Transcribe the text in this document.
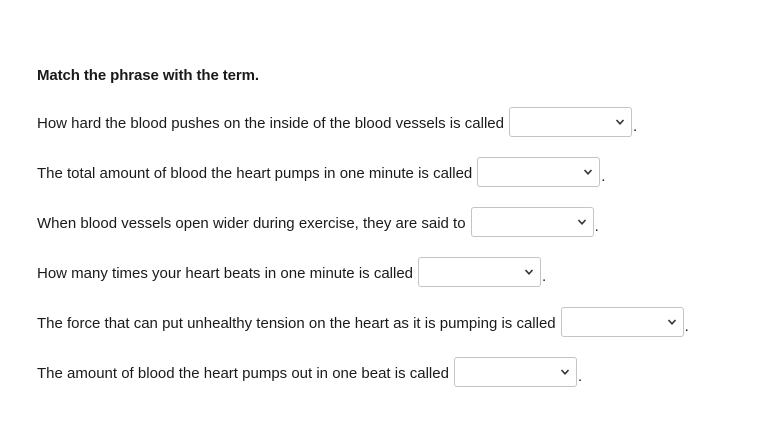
Match the phrase with the term.
How hard the blood pushes on the inside of the blood vessels is called	.
The total amount of blood the heart pumps in one minute is called	.
When blood vessels open wider during exercise, they are said to	.
How many times your heart beats in one minute is called	.
The force that can put unhealthy tension on the heart as it is pumping is called	.
The amount of blood the heart pumps out in one beat is called	.
